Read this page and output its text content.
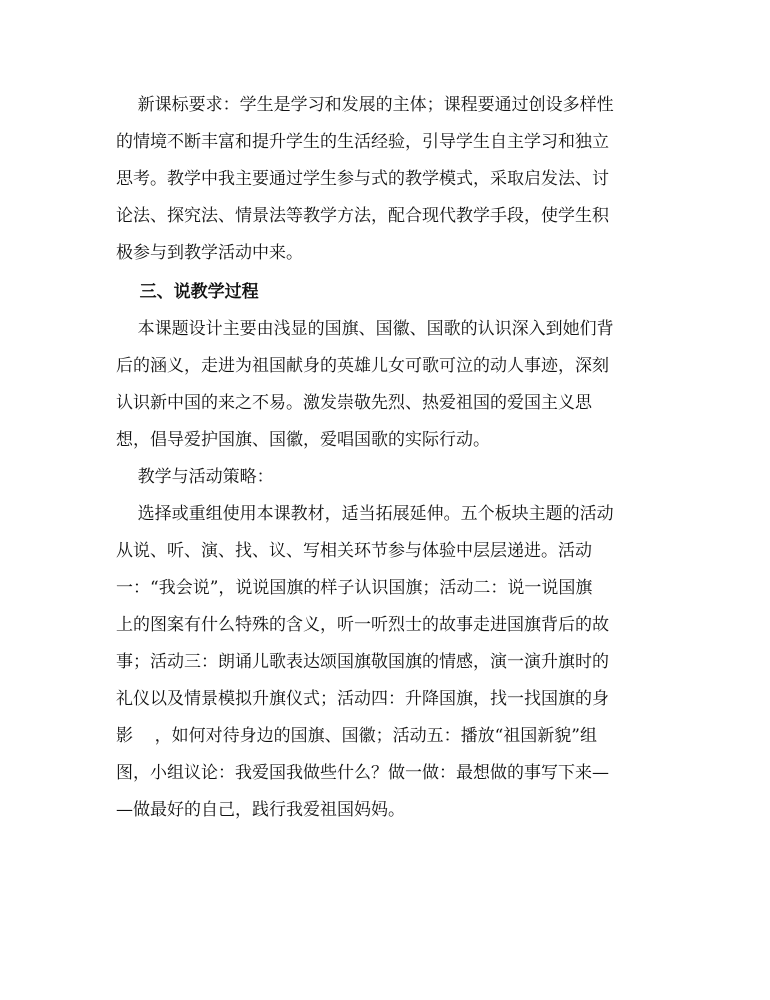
新课标要求：学生是学习和发展的主体；课程要通过创设多样性
的情境不断丰富和提升学生的生活经验，引导学生自主学习和独立
思考。教学中我主要通过学生参与式的教学模式，采取启发法、讨
论法、探究法、情景法等教学方法，配合现代教学手段，使学生积
极参与到教学活动中来。
三、说教学过程
本课题设计主要由浅显的国旗、国徽、国歌的认识深入到她们背
后的涵义，走进为祖国献身的英雄儿女可歌可泣的动人事迹，深刻
认识新中国的来之不易。激发崇敬先烈、热爱祖国的爱国主义思
想，倡导爱护国旗、国徽，爱唱国歌的实际行动。
教学与活动策略：
选择或重组使用本课教材，适当拓展延伸。五个板块主题的活动
从说、听、演、找、议、写相关环节参与体验中层层递进。活动
一：“我会说”，说说国旗的样子认识国旗；活动二：说一说国旗
上的图案有什么特殊的含义，听一听烈士的故事走进国旗背后的故
事；活动三：朗诵儿歌表达颂国旗敬国旗的情感，演一演升旗时的
礼仪以及情景模拟升旗仪式；活动四：升降国旗，找一找国旗的身
影    ，如何对待身边的国旗、国徽；活动五：播放“祖国新貌”组
图，小组议论：我爱国我做些什么？做一做：最想做的事写下来—
—做最好的自己，践行我爱祖国妈妈。
